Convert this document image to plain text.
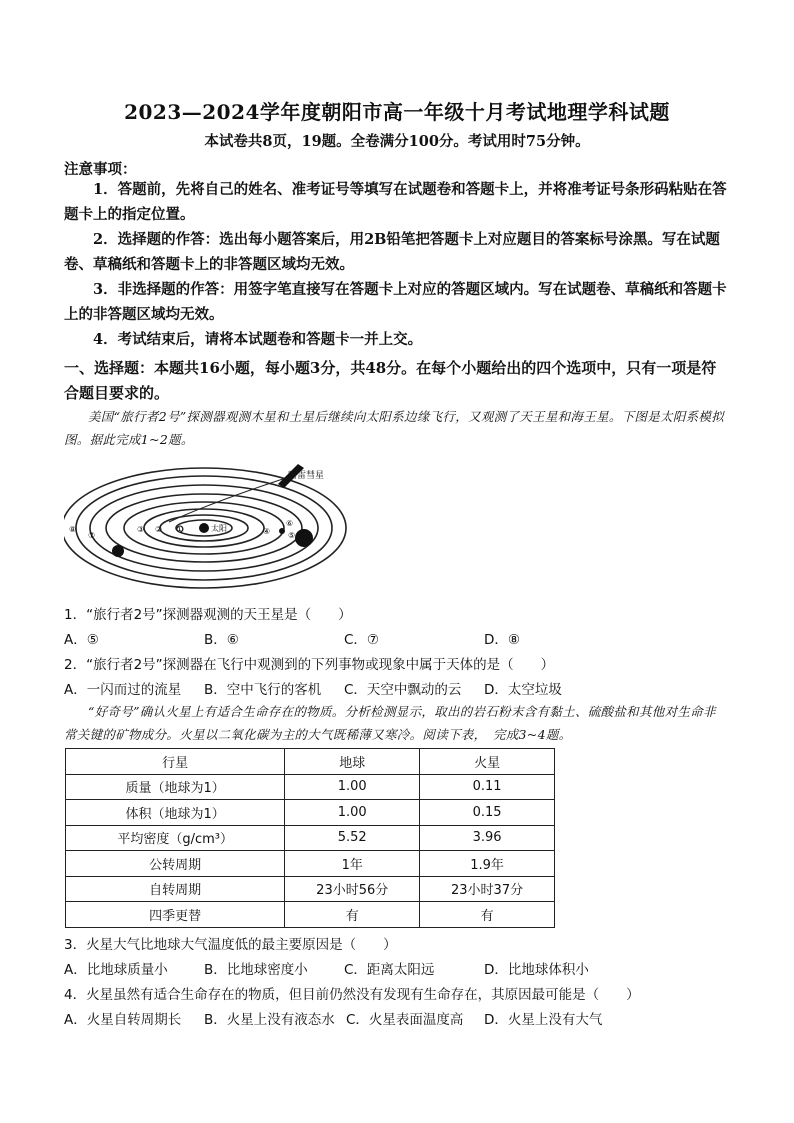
2023—2024学年度朝阳市高一年级十月考试地理学科试题
本试卷共8页，19题。全卷满分100分。考试用时75分钟。
注意事项：
1．答题前，先将自己的姓名、准考证号等填写在试题卷和答题卡上，并将准考证号条形码粘贴在答题卡上的指定位置。
2．选择题的作答：选出每小题答案后，用2B铅笔把答题卡上对应题目的答案标号涂黑。写在试题卷、草稿纸和答题卡上的非答题区域均无效。
3．非选择题的作答：用签字笔直接写在答题卡上对应的答题区域内。写在试题卷、草稿纸和答题卡上的非答题区域均无效。
4．考试结束后，请将本试题卷和答题卡一并上交。
一、选择题：本题共16小题，每小题3分，共48分。在每个小题给出的四个选项中，只有一项是符合题目要求的。
美国“旅行者2号”探测器观测木星和土星后继续向太阳系边缘飞行，又观测了天王星和海王星。下图是太阳系模拟图。据此完成1~2题。
哈雷彗星
太阳
①
②
③	④ ⑤
⑥
⑦
⑧
1．“旅行者2号”探测器观测的天王星是（　　）
A．⑤	B．⑥	C．⑦	D．⑧
2．“旅行者2号”探测器在飞行中观测到的下列事物或现象中属于天体的是（　　）
A．一闪而过的流星 B．空中飞行的客机 C．天空中飘动的云 D．太空垃圾
“好奇号”确认火星上有适合生命存在的物质。分析检测显示，取出的岩石粉末含有黏土、硫酸盐和其他对生命非常关键的矿物成分。火星以二氧化碳为主的大气既稀薄又寒冷。阅读下表，　完成3~4题。
行星	地球	火星
质量（地球为1）	1.00	0.11
体积（地球为1）	1.00	0.15
平均密度（g/cm³）	5.52	3.96
公转周期	1年	1.9年
自转周期	23小时56分	23小时37分
四季更替	有	有
3．火星大气比地球大气温度低的最主要原因是（　　）
A．比地球质量小	B．比地球密度小	C．距离太阳远	D．比地球体积小
4．火星虽然有适合生命存在的物质，但目前仍然没有发现有生命存在，其原因最可能是（　　）
A．火星自转周期长 B．火星上没有液态水 C．火星表面温度高 D．火星上没有大气
